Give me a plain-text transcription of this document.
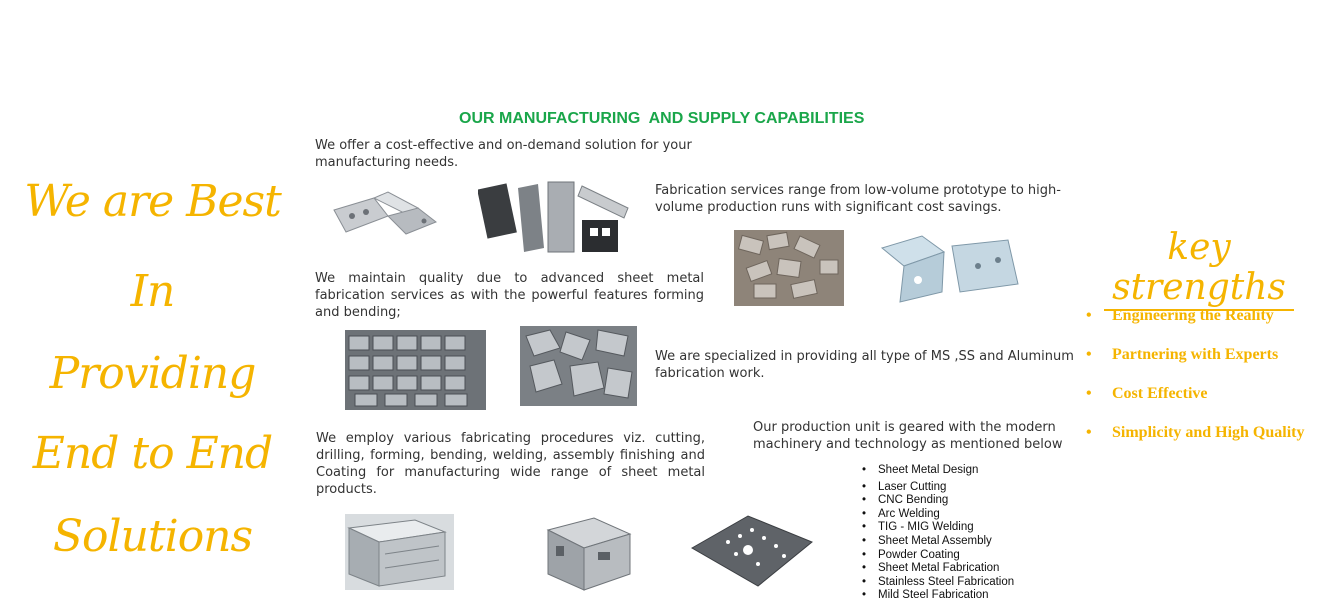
We are Best
In
Providing
End to End
Solutions
OUR MANUFACTURING  AND SUPPLY CAPABILITIES
We offer a cost-effective and on-demand solution for your manufacturing needs.
Fabrication services range from low-volume prototype to high-volume production runs with significant cost savings.
We maintain quality due to advanced sheet metal fabrication services as with the powerful features forming and bending;
We are specialized in providing all type of MS ,SS and Aluminum fabrication work.
Our production unit is geared with the modern machinery and technology as mentioned below
We employ various fabricating procedures viz. cutting, drilling, forming, bending, welding, assembly finishing and Coating for manufacturing wide range of sheet metal products.
• Sheet Metal Design
• Laser Cutting
• CNC Bending
• Arc Welding
• TIG - MIG Welding
• Sheet Metal Assembly
• Powder Coating
• Sheet Metal Fabrication
• Stainless Steel Fabrication
• Mild Steel Fabrication
key strengths
• Engineering the Reality
• Partnering with Experts
• Cost Effective
• Simplicity and High Quality
